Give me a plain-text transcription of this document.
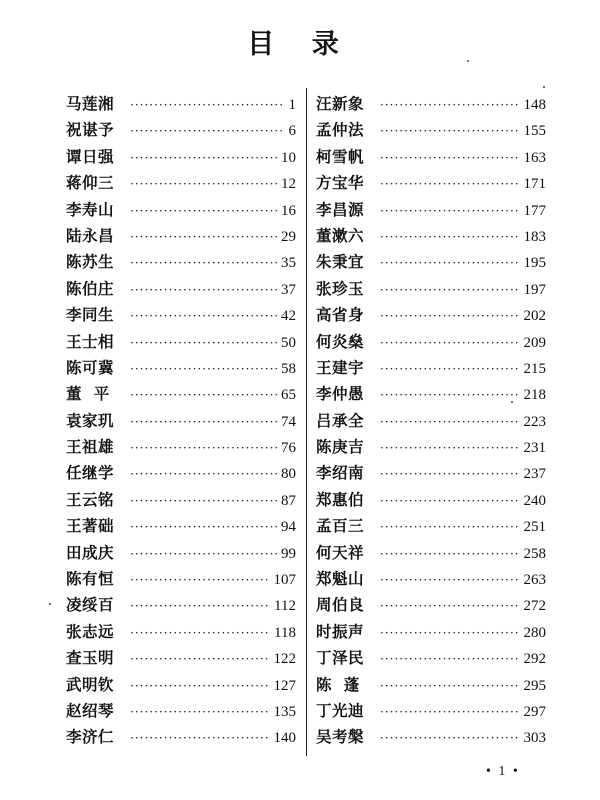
目 录
马莲湘 ·····	1
祝谌予 ·····	6
谭日强 ·····	10
蒋仰三 ·····	12
李寿山 ·····	16
陆永昌 ·····	29
陈苏生 ·····	35
陈伯庄 ·····	37
李同生 ·····	42
王士相 ·····	50
陈可冀 ·····	58
董  平 ·····	65
袁家玑 ·····	74
王祖雄 ·····	76
任继学 ·····	80
王云铭 ·····	87
王著础 ·····	94
田成庆 ·····	99
陈有恒 ·····	107
凌绥百 ·····	112
张志远 ·····	118
查玉明 ·····	122
武明钦 ·····	127
赵绍琴 ·····	135
李济仁 ·····	140
汪新象 ·····	148
孟仲法 ·····	155
柯雪帆 ·····	163
方宝华 ·····	171
李昌源 ·····	177
董漱六 ·····	183
朱秉宜 ·····	195
张珍玉 ·····	197
高省身 ·····	202
何炎燊 ·····	209
王建宇 ·····	215
李仲愚 ·····	218
吕承全 ·····	223
陈庚吉 ·····	231
李绍南 ·····	237
郑惠伯 ·····	240
孟百三 ·····	251
何天祥 ·····	258
郑魁山 ·····	263
周伯良 ·····	272
时振声 ·····	280
丁泽民 ·····	292
陈  蓬 ·····	295
丁光迪 ·····	297
吴考槃 ·····	303
• 1 •
